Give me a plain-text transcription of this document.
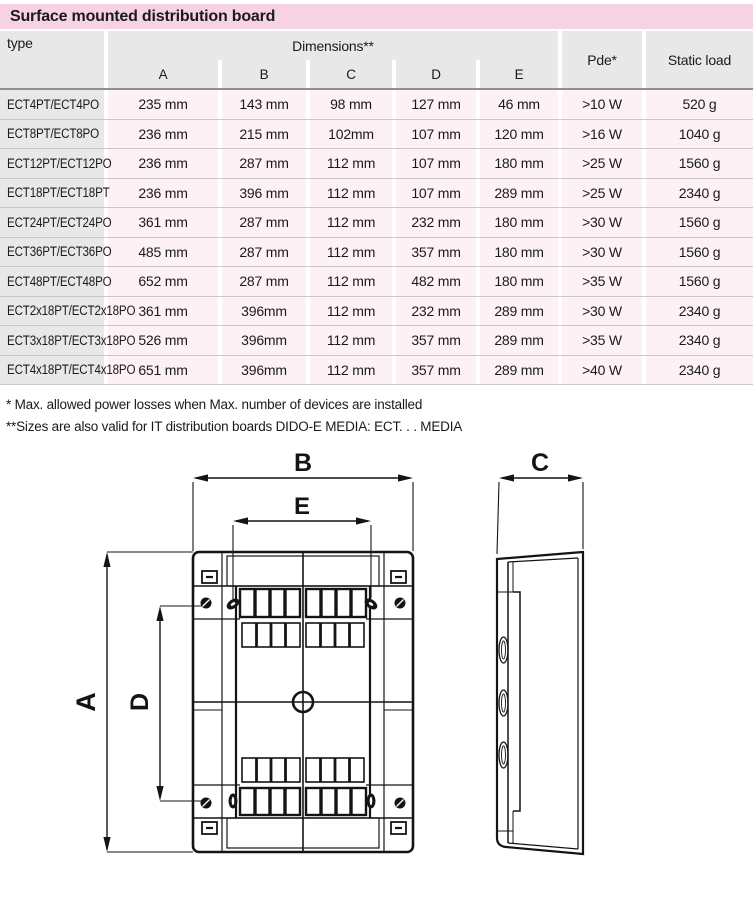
Surface mounted distribution board
type	Dimensions**
A	B	C	D	E
Pde*	Static load
ECT4PT/ECT4PO	235 mm	143 mm	98 mm	127 mm	46 mm	>10 W	520 g
ECT8PT/ECT8PO	236 mm	215 mm	102mm	107 mm	120 mm	>16 W	1040 g
ECT12PT/ECT12PO	236 mm	287 mm	112 mm	107 mm	180 mm	>25 W	1560 g
ECT18PT/ECT18PT	236 mm	396 mm	112 mm	107 mm	289 mm	>25 W	2340 g
ECT24PT/ECT24PO	361 mm	287 mm	112 mm	232 mm	180 mm	>30 W	1560 g
ECT36PT/ECT36PO	485 mm	287 mm	112 mm	357 mm	180 mm	>30 W	1560 g
ECT48PT/ECT48PO	652 mm	287 mm	112 mm	482 mm	180 mm	>35 W	1560 g
ECT2x18PT/ECT2x18PO 361 mm	396mm	112 mm	232 mm	289 mm	>30 W	2340 g
ECT3x18PT/ECT3x18PO 526 mm	396mm	112 mm	357 mm	289 mm	>35 W	2340 g
ECT4x18PT/ECT4x18PO 651 mm	396mm	112 mm	357 mm	289 mm	>40 W	2340 g
* Max. allowed power losses when Max. number of devices are installed
**Sizes are also valid for IT distribution boards DIDO-E MEDIA: ECT. . . MEDIA
B
E
A D
C
